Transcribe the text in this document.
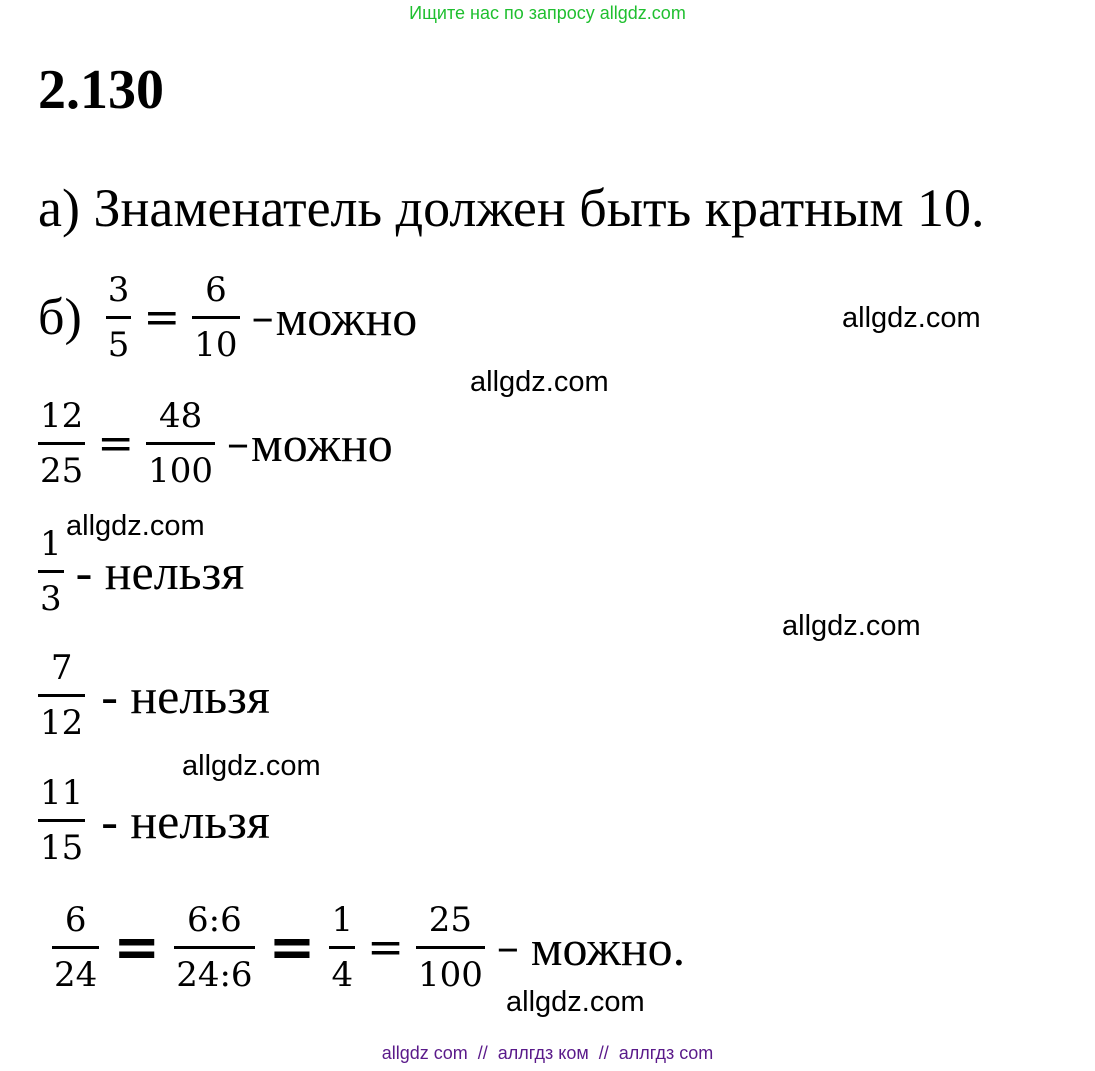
Ищите нас по запросу allgdz.com
2.130
а) Знаменатель должен быть кратным 10.
$б) \frac{3}{5} = \frac{6}{10}$ – можно
$\frac{12}{25} = \frac{48}{100}$ – можно
$\frac{1}{3}$ - нельзя
$\frac{7}{12}$ - нельзя
$\frac{11}{15}$ - нельзя
$\frac{6}{24} = \frac{6:6}{24:6} = \frac{1}{4} = \frac{25}{100}$ – можно.
allgdz.com
allgdz.com
allgdz.com
allgdz.com
allgdz.com
allgdz.com
allgdz com  //  аллгдз ком  //  аллгдз com
